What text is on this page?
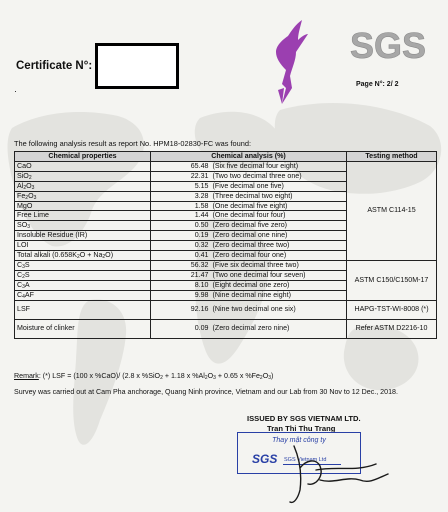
Certificate N°:
·
SGS
Page N°: 2/ 2
The following analysis result as report No. HPM18-02830-FC was found:
Chemical properties	Chemical analysis (%)		Testing method
CaO	65.48	(Six five decimal four eight)	ASTM C114-15
SiO$_2$	22.31	(Two two decimal three one)	
$Al_2O_3$	5.15	(Five decimal one five)	
$Fe_2O_3$	3.28	(Three decimal two eight)	
MgO	1.58	(One decimal five eight)	
Free Lime	1.44	(One decimal four four)	
$SO_3$	0.50	(Zero decimal five zero)	
Insoluble Residue (IR)	0.19	(Zero decimal one nine)	
LOI	0.32	(Zero decimal three two)	
Total alkali $(0.658K_2O + Na_2O)$	0.41	(Zero decimal four one)	
$C_3S$	56.32	(Five six decimal three two)	ASTM C150/C150M-17
$C_2S$	21.47	(Two one decimal four seven)	
$C_3A$	8.10	(Eight decimal one zero)	
$C_4AF$	9.98	(Nine decimal nine eight)	
LSF	92.16	(Nine two decimal one six)	HAPG-TST-WI-8008 (*)
Moisture of clinker	0.09	(Zero decimal zero nine)	Refer ASTM D2216-10
Remark: (*) LSF = (100 x %CaO)/ (2.8 x %SiO$_2$ + 1.18 x $\%Al_2O_3 + 0.65$ x $\%Fe_2O_3$)
Survey was carried out at Cam Pha anchorage, Quang Ninh province, Vietnam and our Lab from 30 Nov to 12 Dec., 2018.
ISSUED BY SGS VIETNAM LTD.
Tran Thi Thu Trang
Thay mặt công ty
SGS SGS Vietnam Ltd
